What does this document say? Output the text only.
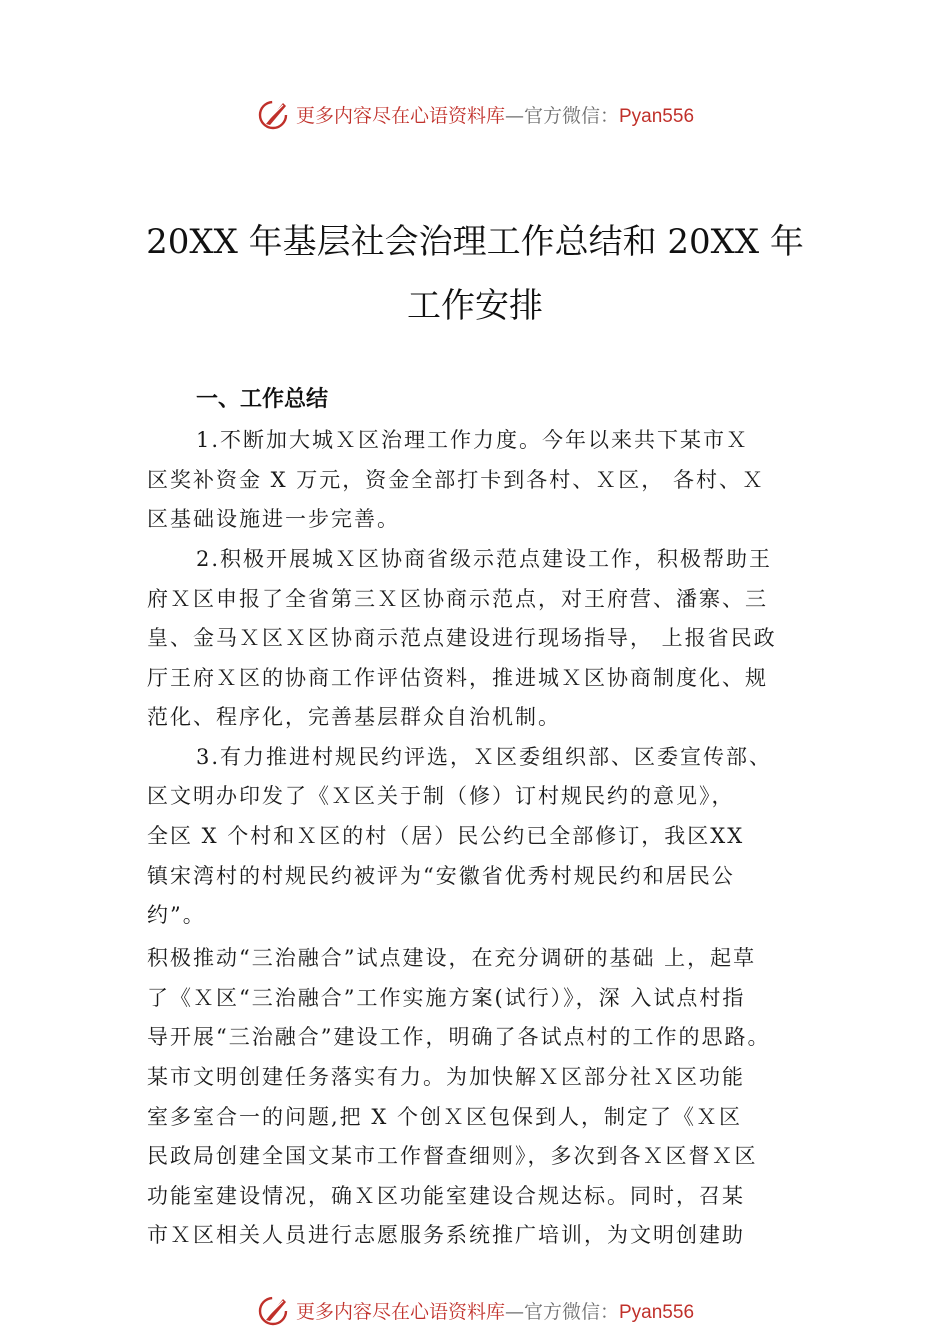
更多内容尽在心语资料库—官方微信：Pyan556
20XX 年基层社会治理工作总结和 20XX 年
工作安排
一、工作总结
1.不断加大城Ｘ区治理工作力度。今年以来共下某市Ｘ
区奖补资金 X 万元，资金全部打卡到各村、Ｘ区， 各村、Ｘ
区基础设施进一步完善。
2.积极开展城Ｘ区协商省级示范点建设工作，积极帮助王
府Ｘ区申报了全省第三Ｘ区协商示范点，对王府营、潘寨、三
皇、金马Ｘ区Ｘ区协商示范点建设进行现场指导， 上报省民政
厅王府Ｘ区的协商工作评估资料，推进城Ｘ区协商制度化、规
范化、程序化，完善基层群众自治机制。
3.有力推进村规民约评选，Ｘ区委组织部、区委宣传部、
区文明办印发了《Ｘ区关于制（修）订村规民约的意见》，
全区 X 个村和Ｘ区的村（居）民公约已全部修订，我区XX
镇宋湾村的村规民约被评为“安徽省优秀村规民约和居民公
约”。
积极推动“三治融合”试点建设，在充分调研的基础 上，起草
了《Ｘ区“三治融合”工作实施方案(试行）》，深 入试点村指
导开展“三治融合”建设工作，明确了各试点村的工作的思路。
某市文明创建任务落实有力。为加快解Ｘ区部分社Ｘ区功能
室多室合一的问题,把 X 个创Ｘ区包保到人，制定了《Ｘ区
民政局创建全国文某市工作督查细则》，多次到各Ｘ区督Ｘ区
功能室建设情况，确Ｘ区功能室建设合规达标。同时，召某
市Ｘ区相关人员进行志愿服务系统推广培训，为文明创建助
更多内容尽在心语资料库—官方微信：Pyan556
